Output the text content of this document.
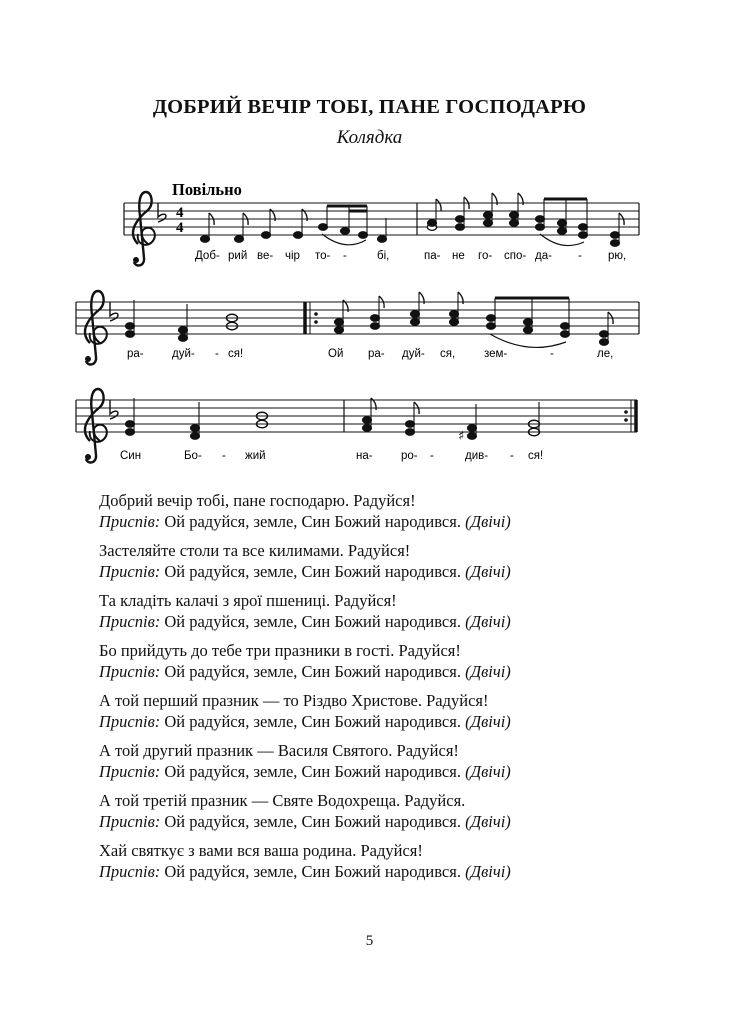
ДОБРИЙ ВЕЧІР ТОБІ, ПАНЕ ГОСПОДАРЮ
Колядка
Повільно
4
4
Доб- рий ве- чір то- -	бі,	па- не го- спо- да- - рю,
ра- дуй- - ся!	Ой ра- дуй- ся,	зем-	-	ле,
♯
Син	Бо- - жий	на- ро- -	див- - ся!
Добрий вечір тобі, пане господарю. Радуйся!
Приспів: Ой радуйся, земле, Син Божий народився. (Двічі)
Застеляйте столи та все килимами. Радуйся!
Приспів: Ой радуйся, земле, Син Божий народився. (Двічі)
Та кладіть калачі з ярої пшениці. Радуйся!
Приспів: Ой радуйся, земле, Син Божий народився. (Двічі)
Бо прийдуть до тебе три празники в гості. Радуйся!
Приспів: Ой радуйся, земле, Син Божий народився. (Двічі)
А той перший празник — то Різдво Христове. Радуйся!
Приспів: Ой радуйся, земле, Син Божий народився. (Двічі)
А той другий празник — Василя Святого. Радуйся!
Приспів: Ой радуйся, земле, Син Божий народився. (Двічі)
А той третій празник — Святе Водохреща. Радуйся.
Приспів: Ой радуйся, земле, Син Божий народився. (Двічі)
Хай святкує з вами вся ваша родина. Радуйся!
Приспів: Ой радуйся, земле, Син Божий народився. (Двічі)
5
